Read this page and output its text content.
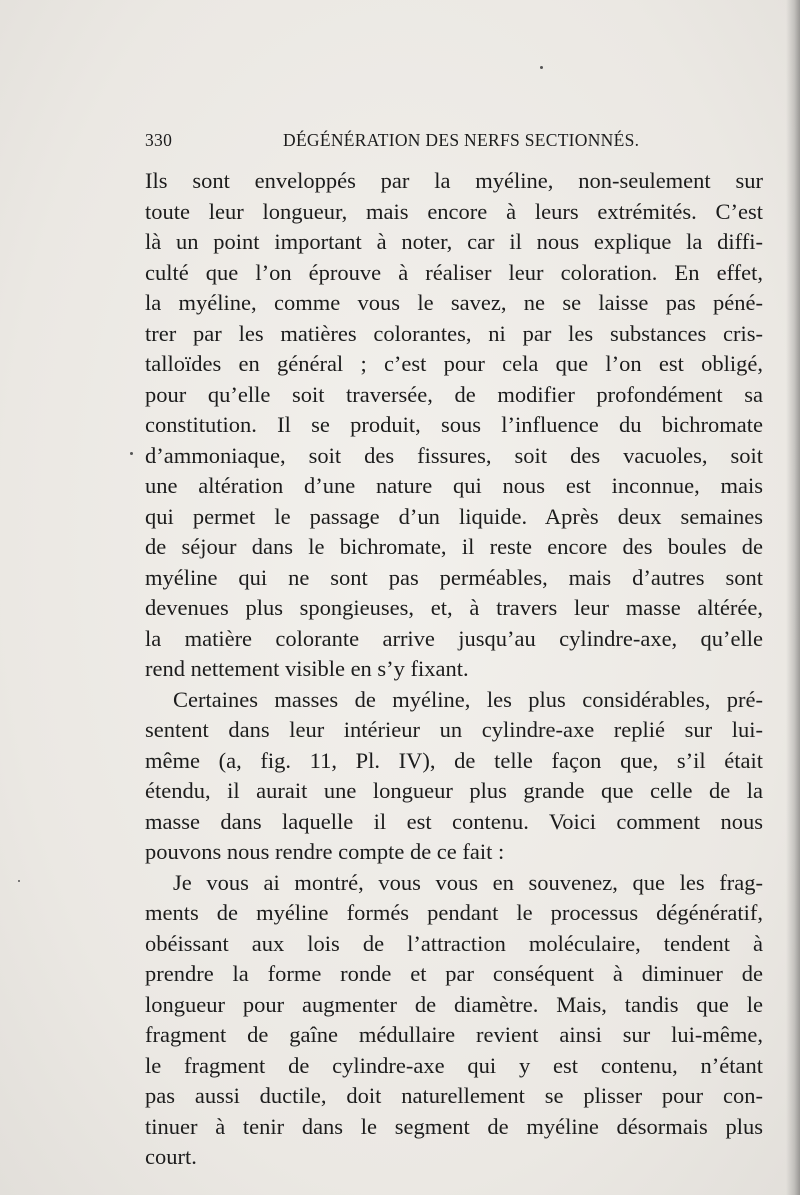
330	DÉGÉNÉRATION DES NERFS SECTIONNÉS.
Ils sont enveloppés par la myéline, non-seulement sur
toute leur longueur, mais encore à leurs extrémités. C’est
là un point important à noter, car il nous explique la diffi-
culté que l’on éprouve à réaliser leur coloration. En effet,
la myéline, comme vous le savez, ne se laisse pas péné-
trer par les matières colorantes, ni par les substances cris-
talloïdes en général ; c’est pour cela que l’on est obligé,
pour qu’elle soit traversée, de modifier profondément sa
constitution. Il se produit, sous l’influence du bichromate
d’ammoniaque, soit des fissures, soit des vacuoles, soit
une altération d’une nature qui nous est inconnue, mais
qui permet le passage d’un liquide. Après deux semaines
de séjour dans le bichromate, il reste encore des boules de
myéline qui ne sont pas perméables, mais d’autres sont
devenues plus spongieuses, et, à travers leur masse altérée,
la matière colorante arrive jusqu’au cylindre-axe, qu’elle
rend nettement visible en s’y fixant.
Certaines masses de myéline, les plus considérables, pré-
sentent dans leur intérieur un cylindre-axe replié sur lui-
même (a, fig. 11, Pl. IV), de telle façon que, s’il était
étendu, il aurait une longueur plus grande que celle de la
masse dans laquelle il est contenu. Voici comment nous
pouvons nous rendre compte de ce fait :
Je vous ai montré, vous vous en souvenez, que les frag-
ments de myéline formés pendant le processus dégénératif,
obéissant aux lois de l’attraction moléculaire, tendent à
prendre la forme ronde et par conséquent à diminuer de
longueur pour augmenter de diamètre. Mais, tandis que le
fragment de gaîne médullaire revient ainsi sur lui-même,
le fragment de cylindre-axe qui y est contenu, n’étant
pas aussi ductile, doit naturellement se plisser pour con-
tinuer à tenir dans le segment de myéline désormais plus
court.
